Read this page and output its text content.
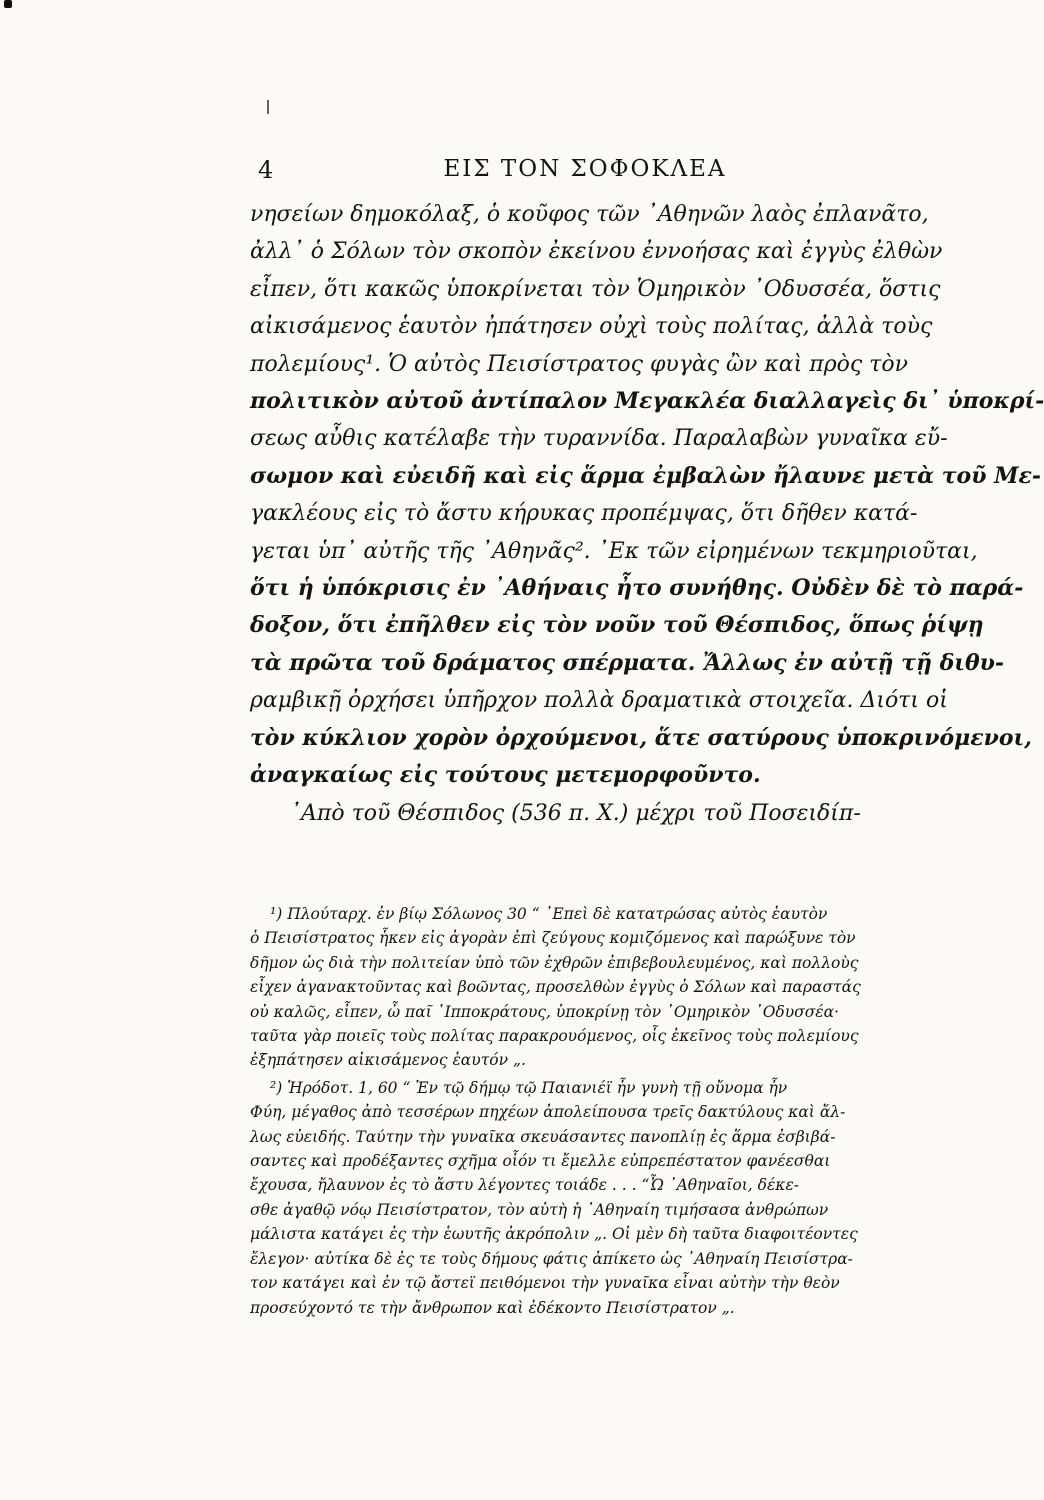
4	ΕΙΣ ΤΟΝ ΣΟΦΟΚΛΕΑ
νησείων δημοκόλαξ, ὁ κοῦφος τῶν ᾿Αθηνῶν λαὸς ἐπλανᾶτο,
ἀλλ᾿ ὁ Σόλων τὸν σκοπὸν ἐκείνου ἐννοήσας καὶ ἐγγὺς ἐλθὼν
εἶπεν, ὅτι κακῶς ὑποκρίνεται τὸν Ὁμηρικὸν ᾿Οδυσσέα, ὅστις
αἰκισάμενος ἑαυτὸν ἠπάτησεν οὐχὶ τοὺς πολίτας, ἀλλὰ τοὺς
πολεμίους¹. Ὁ αὐτὸς Πεισίστρατος φυγὰς ὢν καὶ πρὸς τὸν
πολιτικὸν αὐτοῦ ἀντίπαλον Μεγακλέα διαλλαγεὶς δι᾿ ὑποκρί-
σεως αὖθις κατέλαβε τὴν τυραννίδα. Παραλαβὼν γυναῖκα εὔ-
σωμον καὶ εὐειδῆ καὶ εἰς ἅρμα ἐμβαλὼν ἤλαυνε μετὰ τοῦ Με-
γακλέους εἰς τὸ ἄστυ κήρυκας προπέμψας, ὅτι δῆθεν κατά-
γεται ὑπ᾿ αὐτῆς τῆς ᾿Αθηνᾶς². ᾿Εκ τῶν εἰρημένων τεκμηριοῦται,
ὅτι ἡ ὑπόκρισις ἐν ᾿Αθήναις ἦτο συνήθης. Οὐδὲν δὲ τὸ παρά-
δοξον, ὅτι ἐπῆλθεν εἰς τὸν νοῦν τοῦ Θέσπιδος, ὅπως ῥίψῃ
τὰ πρῶτα τοῦ δράματος σπέρματα. Ἄλλως ἐν αὐτῇ τῇ διθυ-
ραμβικῇ ὀρχήσει ὑπῆρχον πολλὰ δραματικὰ στοιχεῖα. Διότι οἱ
τὸν κύκλιον χορὸν ὀρχούμενοι, ἅτε σατύρους ὑποκρινόμενοι,
ἀναγκαίως εἰς τούτους μετεμορφοῦντο.
᾿Απὸ τοῦ Θέσπιδος (536 π. Χ.) μέχρι τοῦ Ποσειδίπ-
¹) Πλούταρχ. ἐν βίῳ Σόλωνος 30 “ ᾿Επεὶ δὲ κατατρώσας αὐτὸς ἑαυτὸν
ὁ Πεισίστρατος ἧκεν εἰς ἀγορὰν ἐπὶ ζεύγους κομιζόμενος καὶ παρώξυνε τὸν
δῆμον ὡς διὰ τὴν πολιτείαν ὑπὸ τῶν ἐχθρῶν ἐπιβεβουλευμένος, καὶ πολλοὺς
εἶχεν ἀγανακτοῦντας καὶ βοῶντας, προσελθὼν ἐγγὺς ὁ Σόλων καὶ παραστάς
οὐ καλῶς, εἶπεν, ὦ παῖ ῾Ιπποκράτους, ὑποκρίνῃ τὸν ῾Ομηρικὸν ᾿Οδυσσέα·
ταῦτα γὰρ ποιεῖς τοὺς πολίτας παρακρουόμενος, οἷς ἐκεῖνος τοὺς πολεμίους
ἐξηπάτησεν αἰκισάμενος ἑαυτόν „.
²) Ἡρόδοτ. 1, 60 “ Ἐν τῷ δήμῳ τῷ Παιανιέϊ ἦν γυνὴ τῇ οὔνομα ἦν
Φύη, μέγαθος ἀπὸ τεσσέρων πηχέων ἀπολείπουσα τρεῖς δακτύλους καὶ ἄλ-
λως εὐειδής. Ταύτην τὴν γυναῖκα σκευάσαντες πανοπλίῃ ἐς ἅρμα ἐσβιβά-
σαντες καὶ προδέξαντες σχῆμα οἷόν τι ἔμελλε εὐπρεπέστατον φανέεσθαι
ἔχουσα, ἤλαυνον ἐς τὸ ἄστυ λέγοντες τοιάδε . . . “Ὦ ᾿Αθηναῖοι, δέκε-
σθε ἀγαθῷ νόῳ Πεισίστρατον, τὸν αὐτὴ ἡ ᾿Αθηναίη τιμήσασα ἀνθρώπων
μάλιστα κατάγει ἐς τὴν ἑωυτῆς ἀκρόπολιν „. Οἱ μὲν δὴ ταῦτα διαφοιτέοντες
ἔλεγον· αὐτίκα δὲ ἐς τε τοὺς δήμους φάτις ἀπίκετο ὡς ᾿Αθηναίη Πεισίστρα-
τον κατάγει καὶ ἐν τῷ ἄστεϊ πειθόμενοι τὴν γυναῖκα εἶναι αὐτὴν τὴν θεὸν
προσεύχοντό τε τὴν ἄνθρωπον καὶ ἐδέκοντο Πεισίστρατον „.
